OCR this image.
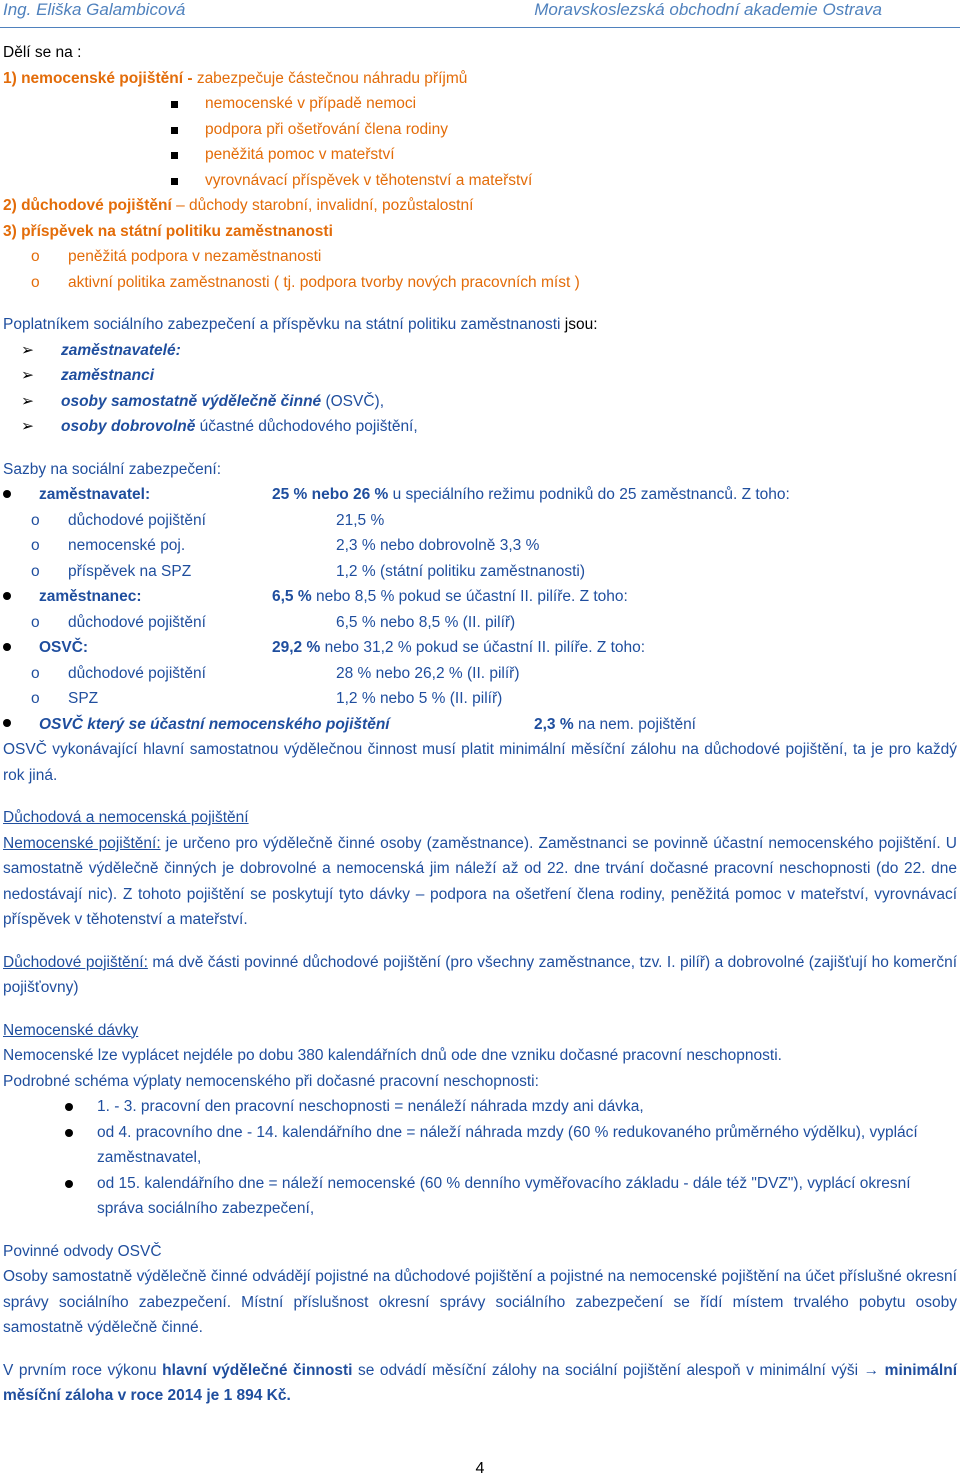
Ing. Eliška Galambicová	Moravskoslezská obchodní akademie Ostrava
Dělí se na :
1) nemocenské pojištění - zabezpečuje částečnou náhradu příjmů
nemocenské v případě nemoci
podpora při ošetřování člena rodiny
peněžitá pomoc v mateřství
vyrovnávací příspěvek v těhotenství a mateřství
2) důchodové pojištění – důchody starobní, invalidní, pozůstalostní
3) příspěvek na státní politiku zaměstnanosti
o peněžitá podpora v nezaměstnanosti
o aktivní politika zaměstnanosti ( tj. podpora tvorby nových pracovních míst )
Poplatníkem sociálního zabezpečení a příspěvku na státní politiku zaměstnanosti jsou:
➢ zaměstnavatelé:
➢ zaměstnanci
➢ osoby samostatně výdělečně činné (OSVČ),
➢ osoby dobrovolně účastné důchodového pojištění,
Sazby na sociální zabezpečení:
zaměstnavatel:	25 % nebo 26 % u speciálního režimu podniků do 25 zaměstnanců. Z toho:
o důchodové pojištění	21,5 %
o nemocenské poj.	2,3 % nebo dobrovolně 3,3 %
o příspěvek na SPZ	1,2 % (státní politiku zaměstnanosti)
zaměstnanec:	6,5 % nebo 8,5 % pokud se účastní II. pilíře. Z toho:
o důchodové pojištění	6,5 % nebo 8,5 % (II. pilíř)
OSVČ:	29,2 % nebo 31,2 % pokud se účastní II. pilíře. Z toho:
o důchodové pojištění	28 % nebo 26,2 % (II. pilíř)
o SPZ	1,2 % nebo 5 % (II. pilíř)
OSVČ který se účastní nemocenského pojištění	2,3 % na nem. pojištění
OSVČ vykonávající hlavní samostatnou výdělečnou činnost musí platit minimální měsíční zálohu na důchodové pojištění, ta je pro každý rok jiná.
Důchodová a nemocenská pojištění
Nemocenské pojištění: je určeno pro výdělečně činné osoby (zaměstnance). Zaměstnanci se povinně účastní nemocenského pojištění. U samostatně výdělečně činných je dobrovolné a nemocenská jim náleží až od 22. dne trvání dočasné pracovní neschopnosti (do 22. dne nedostávají nic). Z tohoto pojištění se poskytují tyto dávky – podpora na ošetření člena rodiny, peněžitá pomoc v mateřství, vyrovnávací příspěvek v těhotenství a mateřství.
Důchodové pojištění: má dvě části povinné důchodové pojištění (pro všechny zaměstnance, tzv. I. pilíř) a dobrovolné (zajišťují ho komerční pojišťovny)
Nemocenské dávky
Nemocenské lze vyplácet nejdéle po dobu 380 kalendářních dnů ode dne vzniku dočasné pracovní neschopnosti.
Podrobné schéma výplaty nemocenského při dočasné pracovní neschopnosti:
1. - 3. pracovní den pracovní neschopnosti = nenáleží náhrada mzdy ani dávka,
od 4. pracovního dne - 14. kalendářního dne = náleží náhrada mzdy (60 % redukovaného průměrného výdělku), vyplácí zaměstnavatel,
od 15. kalendářního dne = náleží nemocenské (60 % denního vyměřovacího základu - dále též "DVZ"), vyplácí okresní správa sociálního zabezpečení,
Povinné odvody OSVČ
Osoby samostatně výdělečně činné odvádějí pojistné na důchodové pojištění a pojistné na nemocenské pojištění na účet příslušné okresní správy sociálního zabezpečení. Místní příslušnost okresní správy sociálního zabezpečení se řídí místem trvalého pobytu osoby samostatně výdělečně činné.
V prvním roce výkonu hlavní výdělečné činnosti se odvádí měsíční zálohy na sociální pojištění alespoň v minimální výši → minimální měsíční záloha v roce 2014 je 1 894 Kč.
4
